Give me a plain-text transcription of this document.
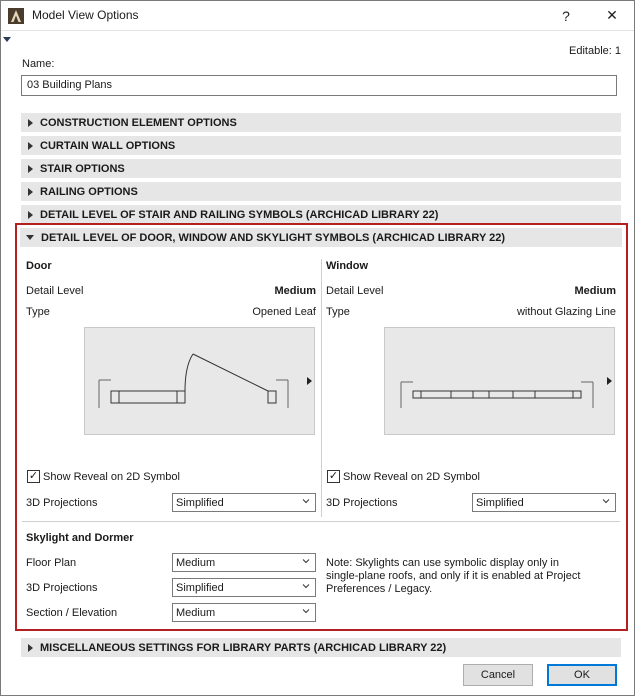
Model View Options	?	✕
Editable: 1
Name:
03 Building Plans
CONSTRUCTION ELEMENT OPTIONS
CURTAIN WALL OPTIONS
STAIR OPTIONS
RAILING OPTIONS
DETAIL LEVEL OF STAIR AND RAILING SYMBOLS (ARCHICAD LIBRARY 22)
DETAIL LEVEL OF DOOR, WINDOW AND SKYLIGHT SYMBOLS (ARCHICAD LIBRARY 22)
Door
Detail Level	Medium
Type	Opened Leaf
✓ Show Reveal on 2D Symbol
3D Projections	Simplified
Window
Detail Level	Medium
Type	without Glazing Line
✓ Show Reveal on 2D Symbol
3D Projections	Simplified
Skylight and Dormer
Floor Plan	Medium
3D Projections	Simplified
Section / Elevation	Medium
Note: Skylights can use symbolic display only in
single-plane roofs, and only if it is enabled at Project
Preferences / Legacy.
MISCELLANEOUS SETTINGS FOR LIBRARY PARTS (ARCHICAD LIBRARY 22)
Cancel	OK
